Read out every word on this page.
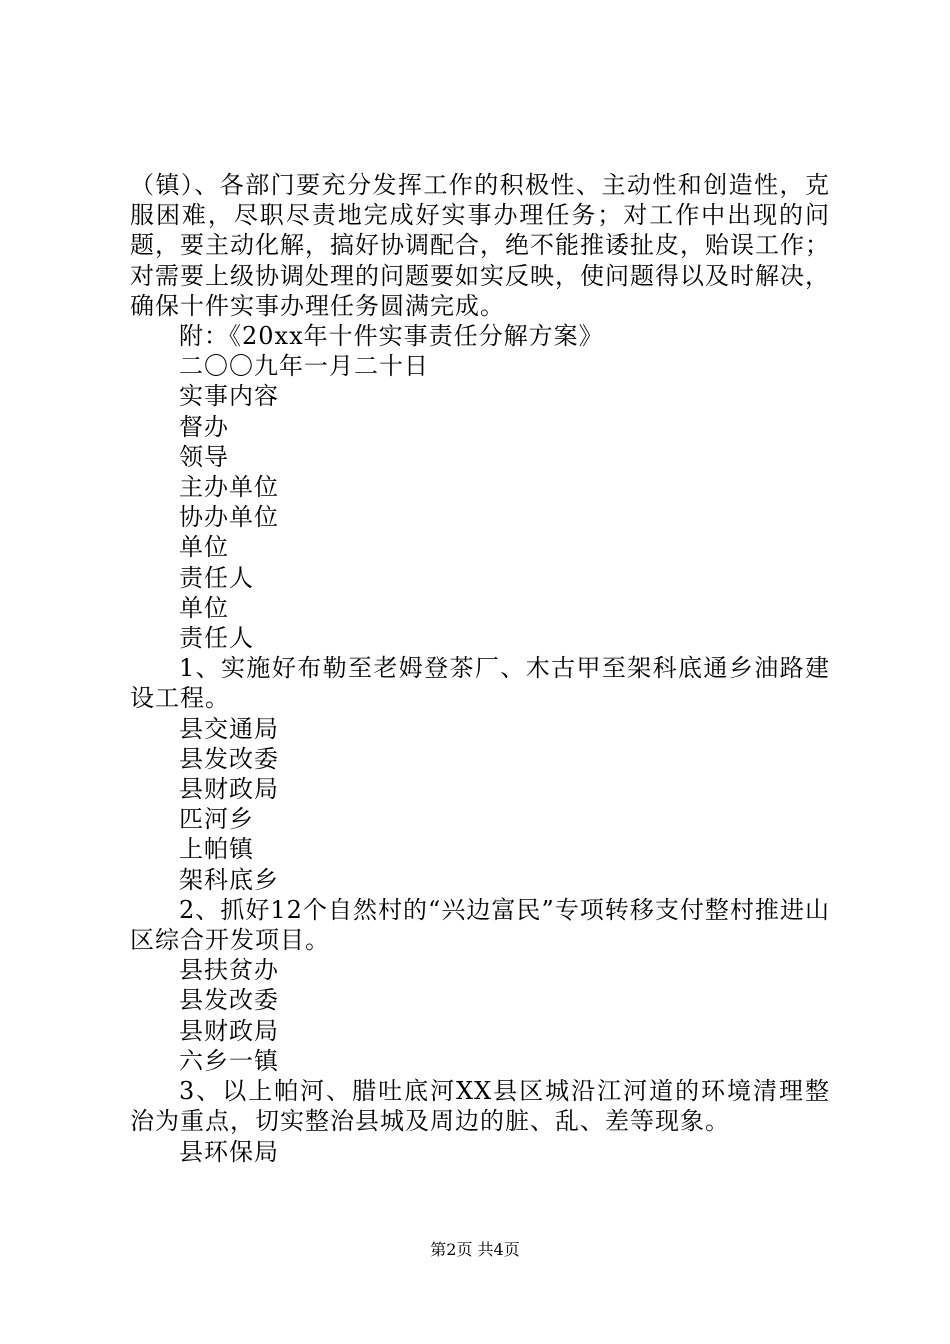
（镇）、各部门要充分发挥工作的积极性、主动性和创造性，克服困难，尽职尽责地完成好实事办理任务；对工作中出现的问题，要主动化解，搞好协调配合，绝不能推诿扯皮，贻误工作；对需要上级协调处理的问题要如实反映，使问题得以及时解决，确保十件实事办理任务圆满完成。

附：《20xx年十件实事责任分解方案》

二〇〇九年一月二十日

实事内容

督办

领导

主办单位

协办单位

单位

责任人

单位

责任人

1、实施好布勒至老姆登茶厂、木古甲至架科底通乡油路建设工程。

县交通局

县发改委

县财政局

匹河乡

上帕镇

架科底乡

2、抓好12个自然村的“兴边富民”专项转移支付整村推进山区综合开发项目。

县扶贫办

县发改委

县财政局

六乡一镇

3、以上帕河、腊吐底河XX县区城沿江河道的环境清理整治为重点，切实整治县城及周边的脏、乱、差等现象。

县环保局

第2页 共4页
